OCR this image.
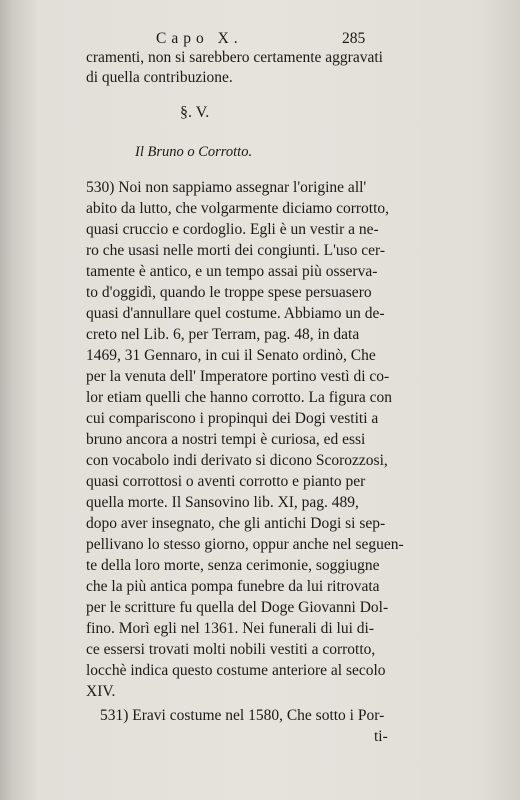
Capo X.	285
cramenti, non si sarebbero certamente aggravati
di quella contribuzione.
§. V.
Il Bruno o Corrotto.
530) Noi non sappiamo assegnar l'origine all'
abito da lutto, che volgarmente diciamo corrotto,
quasi cruccio e cordoglio. Egli è un vestir a ne-
ro che usasi nelle morti dei congiunti. L'uso cer-
tamente è antico, e un tempo assai più osserva-
to d'oggidì, quando le troppe spese persuasero
quasi d'annullare quel costume. Abbiamo un de-
creto nel Lib. 6, per Terram, pag. 48, in data
1469, 31 Gennaro, in cui il Senato ordinò, Che
per la venuta dell' Imperatore portino vestì di co-
lor etiam quelli che hanno corrotto. La figura con
cui compariscono i propinqui dei Dogi vestiti a
bruno ancora a nostri tempi è curiosa, ed essi
con vocabolo indi derivato si dicono Scorozzosi,
quasi corrottosi o aventi corrotto e pianto per
quella morte. Il Sansovino lib. XI, pag. 489,
dopo aver insegnato, che gli antichi Dogi si sep-
pellivano lo stesso giorno, oppur anche nel seguen-
te della loro morte, senza cerimonie, soggiugne
che la più antica pompa funebre da lui ritrovata
per le scritture fu quella del Doge Giovanni Dol-
fino. Morì egli nel 1361. Nei funerali di lui di-
ce essersi trovati molti nobili vestiti a corrotto,
locchè indica questo costume anteriore al secolo
XIV.
531) Eravi costume nel 1580, Che sotto i Por-
ti-
